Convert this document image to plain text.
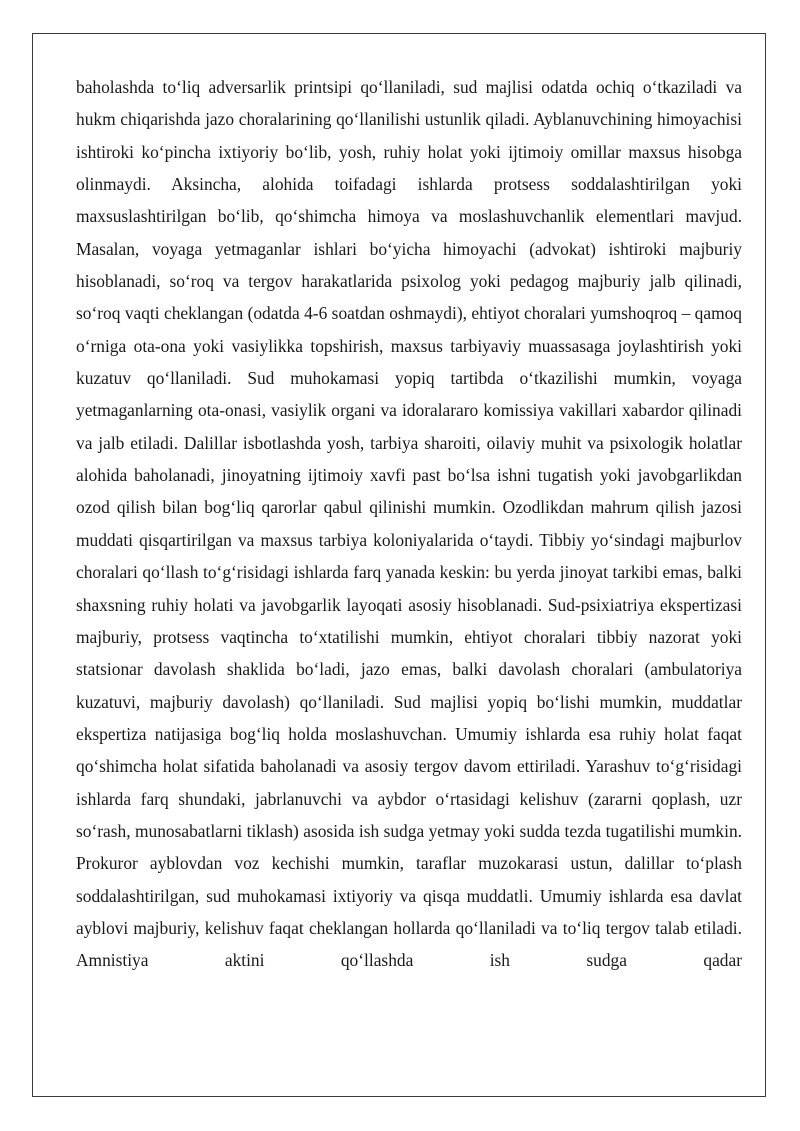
baholashda to‘liq adversarlik printsipi qo‘llaniladi, sud majlisi odatda ochiq o‘tkaziladi va hukm chiqarishda jazo choralarining qo‘llanilishi ustunlik qiladi. Ayblanuvchining himoyachisi ishtiroki ko‘pincha ixtiyoriy bo‘lib, yosh, ruhiy holat yoki ijtimoiy omillar maxsus hisobga olinmaydi. Aksincha, alohida toifadagi ishlarda protsess soddalashtirilgan yoki maxsuslashtirilgan bo‘lib, qo‘shimcha himoya va moslashuvchanlik elementlari mavjud. Masalan, voyaga yetmaganlar ishlari bo‘yicha himoyachi (advokat) ishtiroki majburiy hisoblanadi, so‘roq va tergov harakatlarida psixolog yoki pedagog majburiy jalb qilinadi, so‘roq vaqti cheklangan (odatda 4-6 soatdan oshmaydi), ehtiyot choralari yumshoqroq – qamoq o‘rniga ota-ona yoki vasiylikka topshirish, maxsus tarbiyaviy muassasaga joylashtirish yoki kuzatuv qo‘llaniladi. Sud muhokamasi yopiq tartibda o‘tkazilishi mumkin, voyaga yetmaganlarning ota-onasi, vasiylik organi va idoralararo komissiya vakillari xabardor qilinadi va jalb etiladi. Dalillar isbotlashda yosh, tarbiya sharoiti, oilaviy muhit va psixologik holatlar alohida baholanadi, jinoyatning ijtimoiy xavfi past bo‘lsa ishni tugatish yoki javobgarlikdan ozod qilish bilan bog‘liq qarorlar qabul qilinishi mumkin. Ozodlikdan mahrum qilish jazosi muddati qisqartirilgan va maxsus tarbiya koloniyalarida o‘taydi. Tibbiy yo‘sindagi majburlov choralari qo‘llash to‘g‘risidagi ishlarda farq yanada keskin: bu yerda jinoyat tarkibi emas, balki shaxsning ruhiy holati va javobgarlik layoqati asosiy hisoblanadi. Sud-psixiatriya ekspertizasi majburiy, protsess vaqtincha to‘xtatilishi mumkin, ehtiyot choralari tibbiy nazorat yoki statsionar davolash shaklida bo‘ladi, jazo emas, balki davolash choralari (ambulatoriya kuzatuvi, majburiy davolash) qo‘llaniladi. Sud majlisi yopiq bo‘lishi mumkin, muddatlar ekspertiza natijasiga bog‘liq holda moslashuvchan. Umumiy ishlarda esa ruhiy holat faqat qo‘shimcha holat sifatida baholanadi va asosiy tergov davom ettiriladi. Yarashuv to‘g‘risidagi ishlarda farq shundaki, jabrlanuvchi va aybdor o‘rtasidagi kelishuv (zararni qoplash, uzr so‘rash, munosabatlarni tiklash) asosida ish sudga yetmay yoki sudda tezda tugatilishi mumkin. Prokuror ayblovdan voz kechishi mumkin, taraflar muzokarasi ustun, dalillar to‘plash soddalashtirilgan, sud muhokamasi ixtiyoriy va qisqa muddatli. Umumiy ishlarda esa davlat ayblovi majburiy, kelishuv faqat cheklangan hollarda qo‘llaniladi va to‘liq tergov talab etiladi. Amnistiya aktini qo‘llashda ish sudga qadar
